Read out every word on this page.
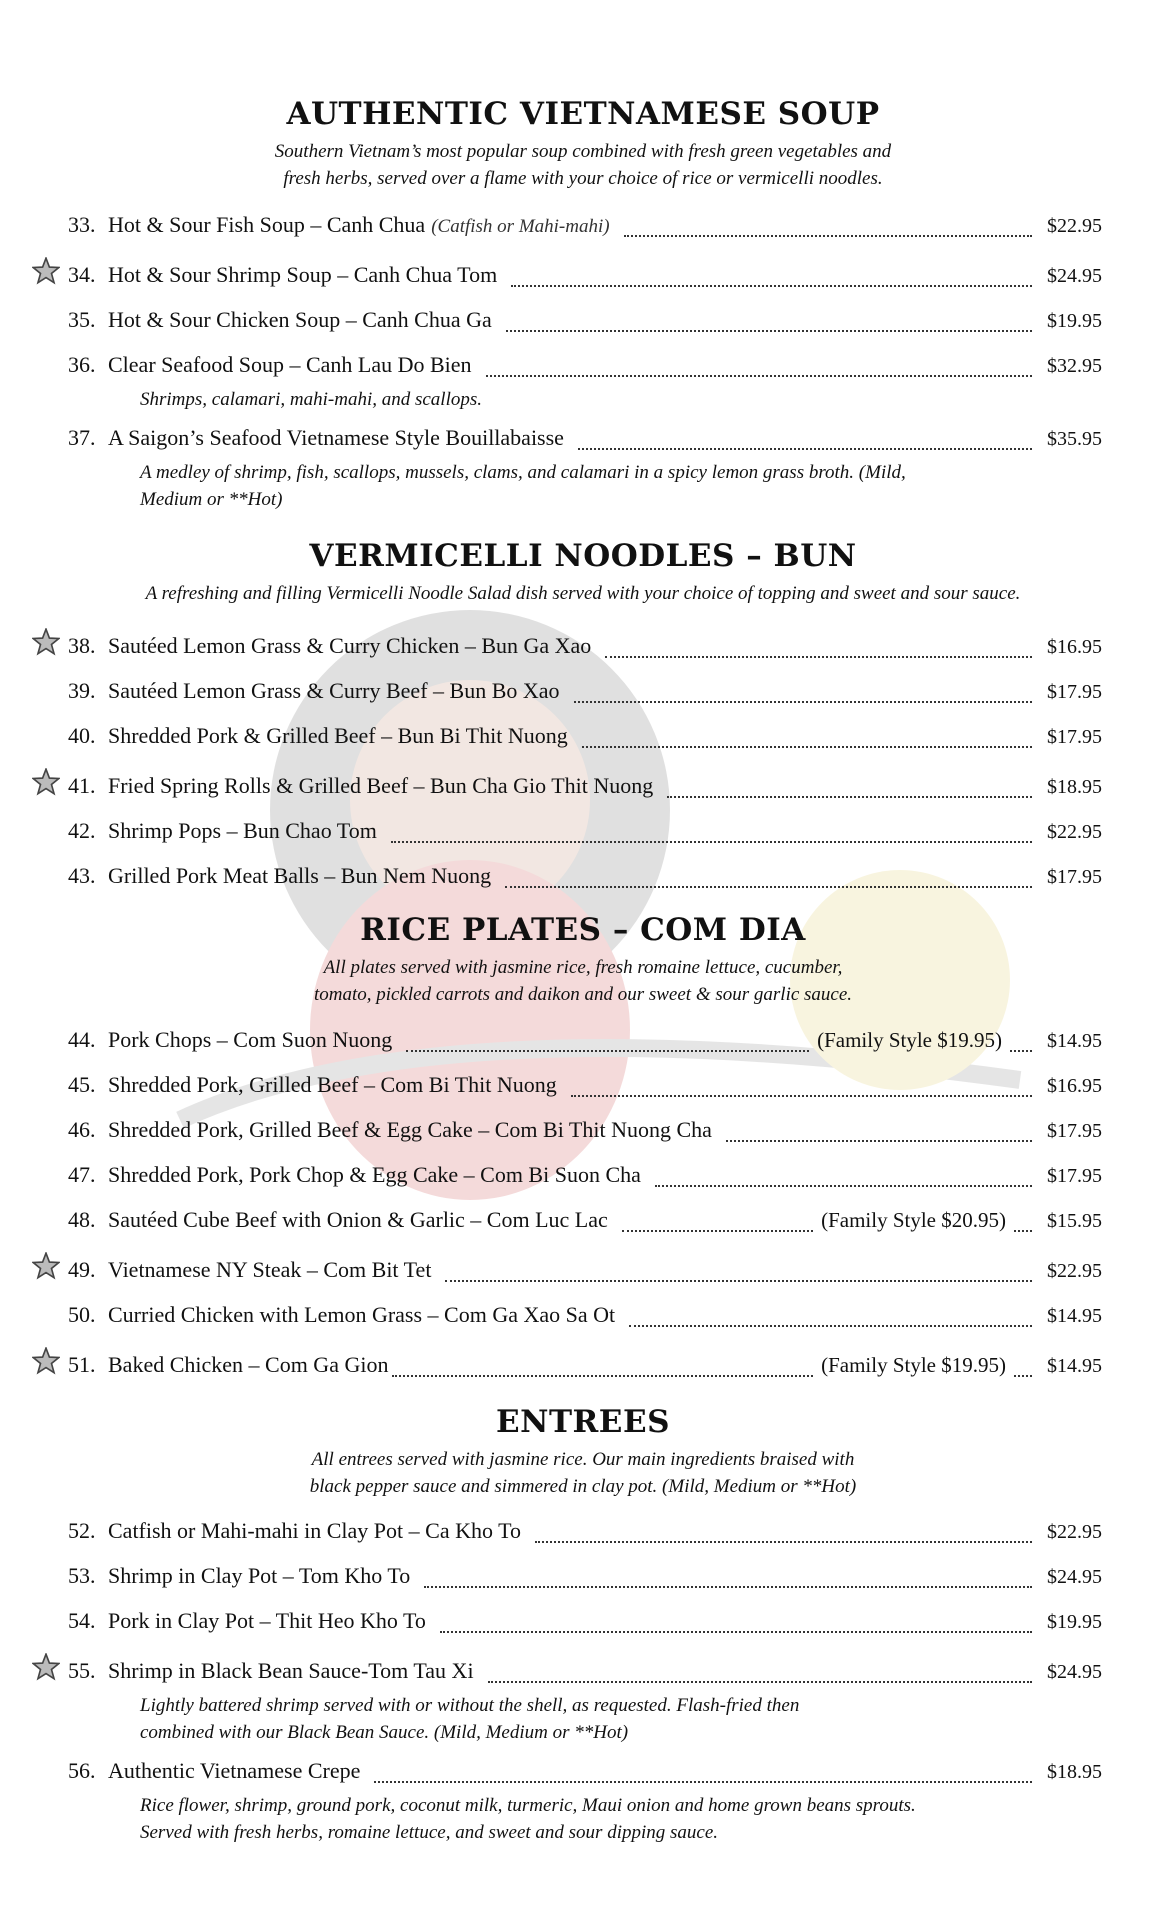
AUTHENTIC VIETNAMESE SOUP

Southern Vietnam’s most popular soup combined with fresh green vegetables and

fresh herbs, served over a flame with your choice of rice or vermicelli noodles.

33. Hot & Sour Fish Soup – Canh Chua (Catfish or Mahi-mahi)	$22.95
34. Hot & Sour Shrimp Soup – Canh Chua Tom	$24.95
35. Hot & Sour Chicken Soup – Canh Chua Ga	$19.95
36. Clear Seafood Soup – Canh Lau Do Bien	$32.95

Shrimps, calamari, mahi-mahi, and scallops.

37. A Saigon’s Seafood Vietnamese Style Bouillabaisse	$35.95

A medley of shrimp, fish, scallops, mussels, clams, and calamari in a spicy lemon grass broth. (Mild,

Medium or **Hot)

VERMICELLI NOODLES – BUN

A refreshing and filling Vermicelli Noodle Salad dish served with your choice of topping and sweet and sour sauce.

38. Sautéed Lemon Grass & Curry Chicken – Bun Ga Xao	$16.95
39. Sautéed Lemon Grass & Curry Beef – Bun Bo Xao	$17.95
40. Shredded Pork & Grilled Beef – Bun Bi Thit Nuong	$17.95
41. Fried Spring Rolls & Grilled Beef – Bun Cha Gio Thit Nuong	$18.95
42. Shrimp Pops – Bun Chao Tom	$22.95
43. Grilled Pork Meat Balls – Bun Nem Nuong	$17.95
RICE PLATES – COM DIA

All plates served with jasmine rice, fresh romaine lettuce, cucumber,

tomato, pickled carrots and daikon and our sweet & sour garlic sauce.

44. Pork Chops – Com Suon Nuong	(Family Style $19.95)	$14.95
45. Shredded Pork, Grilled Beef – Com Bi Thit Nuong	$16.95
46. Shredded Pork, Grilled Beef & Egg Cake – Com Bi Thit Nuong Cha	$17.95
47. Shredded Pork, Pork Chop & Egg Cake – Com Bi Suon Cha	$17.95
48. Sautéed Cube Beef with Onion & Garlic – Com Luc Lac	(Family Style $20.95)	$15.95
49. Vietnamese NY Steak – Com Bit Tet	$22.95
50. Curried Chicken with Lemon Grass – Com Ga Xao Sa Ot	$14.95
51. Baked Chicken – Com Ga Gion	(Family Style $19.95)	$14.95
ENTREES

All entrees served with jasmine rice. Our main ingredients braised with

black pepper sauce and simmered in clay pot. (Mild, Medium or **Hot)

52. Catfish or Mahi-mahi in Clay Pot – Ca Kho To	$22.95
53. Shrimp in Clay Pot – Tom Kho To	$24.95
54. Pork in Clay Pot – Thit Heo Kho To	$19.95
55. Shrimp in Black Bean Sauce-Tom Tau Xi	$24.95

Lightly battered shrimp served with or without the shell, as requested. Flash-fried then

combined with our Black Bean Sauce. (Mild, Medium or **Hot)

56. Authentic Vietnamese Crepe	$18.95

Rice flower, shrimp, ground pork, coconut milk, turmeric, Maui onion and home grown beans sprouts.

Served with fresh herbs, romaine lettuce, and sweet and sour dipping sauce.
